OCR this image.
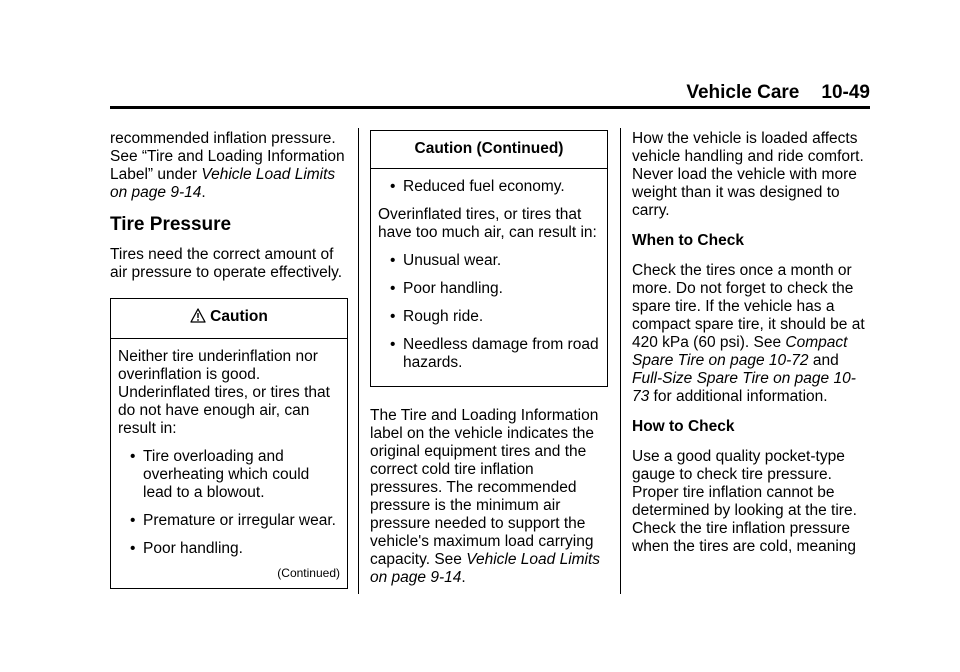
Vehicle Care 10-49

recommended inflation pressure. See “Tire and Loading Information Label” under Vehicle Load Limits on page 9-14.

Tire Pressure

Tires need the correct amount of air pressure to operate effectively.

Caution

Neither tire underinflation nor overinflation is good. Underinflated tires, or tires that do not have enough air, can result in:

• Tire overloading and overheating which could lead to a blowout.
• Premature or irregular wear.
• Poor handling.
(Continued)
Caution (Continued)
• Reduced fuel economy.

Overinflated tires, or tires that have too much air, can result in:

• Unusual wear.
• Poor handling.
• Rough ride.
• Needless damage from road hazards.

The Tire and Loading Information label on the vehicle indicates the original equipment tires and the correct cold tire inflation pressures. The recommended pressure is the minimum air pressure needed to support the vehicle's maximum load carrying capacity. See Vehicle Load Limits on page 9-14.

How the vehicle is loaded affects vehicle handling and ride comfort. Never load the vehicle with more weight than it was designed to carry.

When to Check

Check the tires once a month or more. Do not forget to check the spare tire. If the vehicle has a compact spare tire, it should be at 420 kPa (60 psi). See Compact Spare Tire on page 10-72 and Full-Size Spare Tire on page 10-73 for additional information.

How to Check

Use a good quality pocket-type gauge to check tire pressure. Proper tire inflation cannot be determined by looking at the tire. Check the tire inflation pressure when the tires are cold, meaning
